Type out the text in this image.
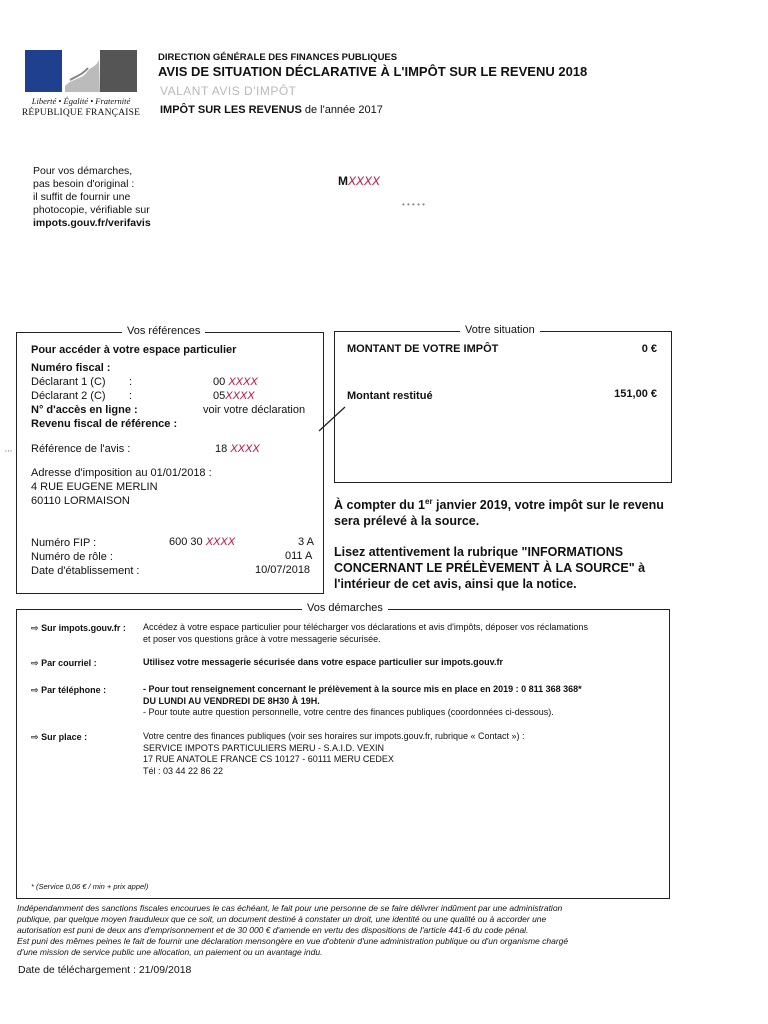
Liberté • Égalité • Fraternité
RÉPUBLIQUE FRANÇAISE
DIRECTION GÉNÉRALE DES FINANCES PUBLIQUES
AVIS DE SITUATION DÉCLARATIVE À L'IMPÔT SUR LE REVENU 2018
VALANT AVIS D'IMPÔT
IMPÔT SUR LES REVENUS de l'année 2017
Pour vos démarches,
pas besoin d'original :
il suffit de fournir une
photocopie, vérifiable sur
impots.gouv.fr/verifavis
MXXXX
• • • • •
⋮
Vos références
Pour accéder à votre espace particulier
Numéro fiscal :
Déclarant 1 (C) :	00 XXXX
Déclarant 2 (C) :	05XXXX
N° d'accès en ligne :	voir votre déclaration
Revenu fiscal de référence :
Référence de l'avis :	18 XXXX
Adresse d'imposition au 01/01/2018 :
4 RUE EUGENE MERLIN
60110 LORMAISON
Numéro FIP :	600 30 XXXX	3 A
Numéro de rôle :	011 A
Date d'établissement :	10/07/2018
Votre situation
MONTANT DE VOTRE IMPÔT	0 €
Montant restitué	151,00 €
À compter du 1er janvier 2019, votre impôt sur le revenu sera prélevé à la source.
Lisez attentivement la rubrique "INFORMATIONS CONCERNANT LE PRÉLÈVEMENT À LA SOURCE" à l'intérieur de cet avis, ainsi que la notice.
Vos démarches
⇨ Sur impots.gouv.fr : Accédez à votre espace particulier pour télécharger vos déclarations et avis d'impôts, déposer vos réclamations
et poser vos questions grâce à votre messagerie sécurisée.
⇨ Par courriel :	Utilisez votre messagerie sécurisée dans votre espace particulier sur impots.gouv.fr
⇨ Par téléphone :	- Pour tout renseignement concernant le prélèvement à la source mis en place en 2019 : 0 811 368 368*
DU LUNDI AU VENDREDI DE 8H30 À 19H.
- Pour toute autre question personnelle, votre centre des finances publiques (coordonnées ci-dessous).
⇨ Sur place :	Votre centre des finances publiques (voir ses horaires sur impots.gouv.fr, rubrique « Contact ») :
SERVICE IMPOTS PARTICULIERS MERU - S.A.I.D. VEXIN
17 RUE ANATOLE FRANCE CS 10127 - 60111 MERU CEDEX
Tél : 03 44 22 86 22
* (Service 0,06 € / min + prix appel)
Indépendamment des sanctions fiscales encourues le cas échéant, le fait pour une personne de se faire délivrer indûment par une administration
publique, par quelque moyen frauduleux que ce soit, un document destiné à constater un droit, une identité ou une qualité ou à accorder une
autorisation est puni de deux ans d'emprisonnement et de 30 000 € d'amende en vertu des dispositions de l'article 441-6 du code pénal.
Est puni des mêmes peines le fait de fournir une déclaration mensongère en vue d'obtenir d'une administration publique ou d'un organisme chargé
d'une mission de service public une allocation, un paiement ou un avantage indu.
Date de téléchargement : 21/09/2018
